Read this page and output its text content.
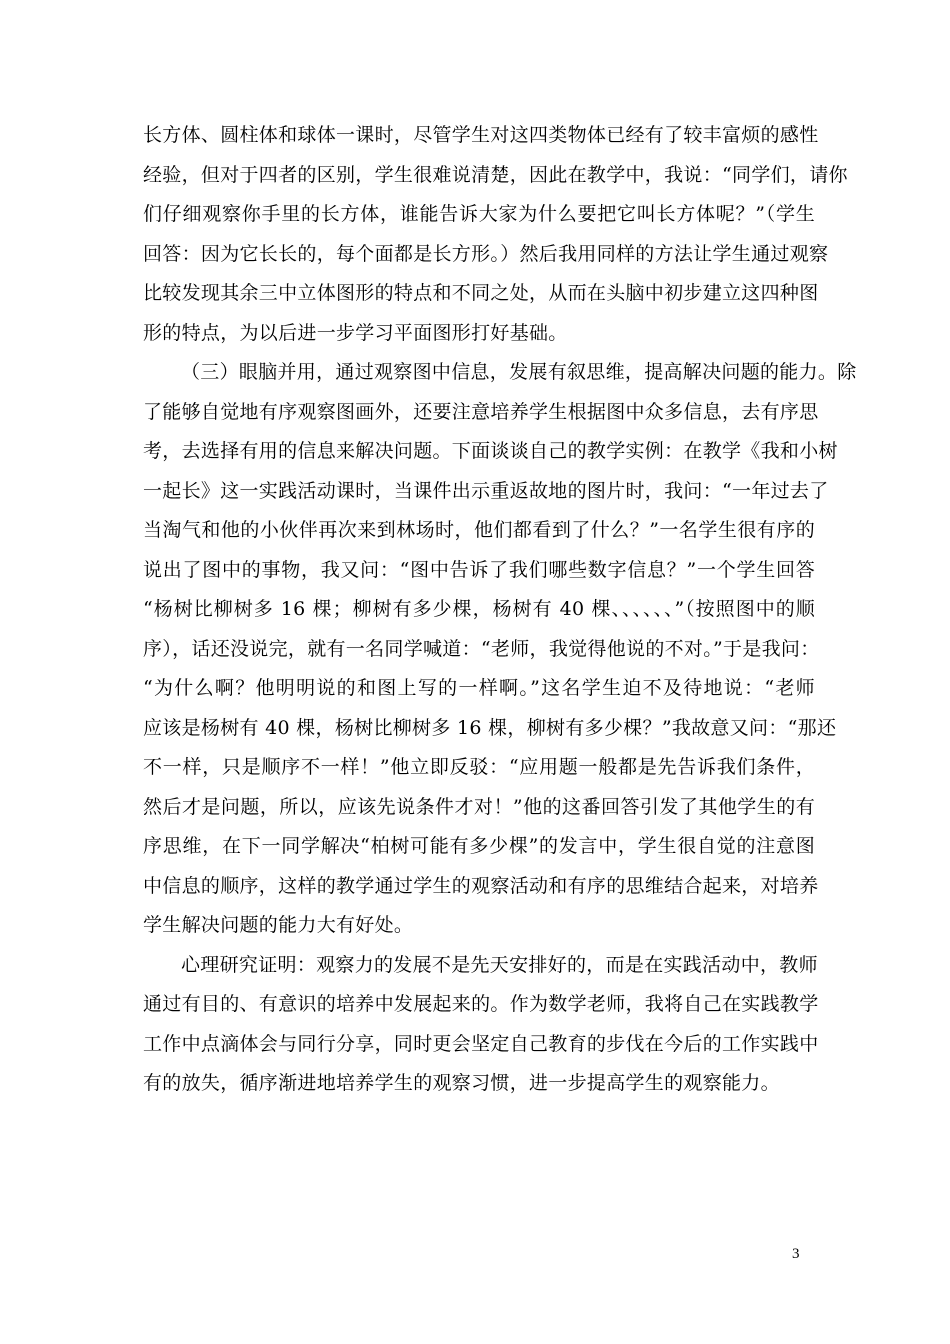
长方体、圆柱体和球体一课时，尽管学生对这四类物体已经有了较丰富烦的感性
经验，但对于四者的区别，学生很难说清楚，因此在教学中，我说：“同学们，请你
们仔细观察你手里的长方体，谁能告诉大家为什么要把它叫长方体呢？”（学生
回答：因为它长长的，每个面都是长方形。）然后我用同样的方法让学生通过观察
比较发现其余三中立体图形的特点和不同之处，从而在头脑中初步建立这四种图
形的特点，为以后进一步学习平面图形打好基础。
（三）眼脑并用，通过观察图中信息，发展有叙思维，提高解决问题的能力。除
了能够自觉地有序观察图画外，还要注意培养学生根据图中众多信息，去有序思
考，去选择有用的信息来解决问题。下面谈谈自己的教学实例：在教学《我和小树
一起长》这一实践活动课时，当课件出示重返故地的图片时，我问：“一年过去了
当淘气和他的小伙伴再次来到林场时，他们都看到了什么？”一名学生很有序的
说出了图中的事物，我又问：“图中告诉了我们哪些数字信息？”一个学生回答
“杨树比柳树多 16 棵；柳树有多少棵，杨树有 40 棵、、、、、、”（按照图中的顺
序），话还没说完，就有一名同学喊道：“老师，我觉得他说的不对。”于是我问：
“为什么啊？他明明说的和图上写的一样啊。”这名学生迫不及待地说：“老师
应该是杨树有 40 棵，杨树比柳树多 16 棵，柳树有多少棵？”我故意又问：“那还
不一样，只是顺序不一样！”他立即反驳：“应用题一般都是先告诉我们条件，
然后才是问题，所以，应该先说条件才对！”他的这番回答引发了其他学生的有
序思维，在下一同学解决“柏树可能有多少棵”的发言中，学生很自觉的注意图
中信息的顺序，这样的教学通过学生的观察活动和有序的思维结合起来，对培养
学生解决问题的能力大有好处。
心理研究证明：观察力的发展不是先天安排好的，而是在实践活动中，教师
通过有目的、有意识的培养中发展起来的。作为数学老师，我将自己在实践教学
工作中点滴体会与同行分享，同时更会坚定自己教育的步伐在今后的工作实践中
有的放失，循序渐进地培养学生的观察习惯，进一步提高学生的观察能力。
3
